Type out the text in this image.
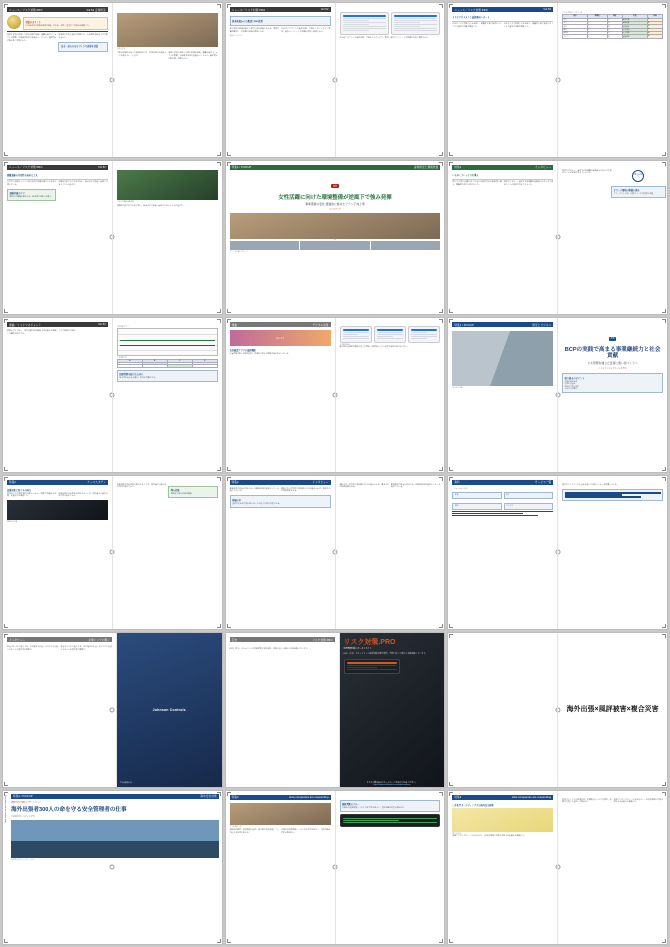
ニュース／リスク対策.PRO	Vol.52 企業防災
受賞のポイント
住民参加型の訓練を年4回実施。自治体・消防・企業の三者協定を締結した。
地域と企業が連携した防災訓練の実施、避難所運営マニュアルの整備、要配慮者支援の仕組みづくりなど、継続的な活動が高く評価された。
地域防災の取り組みが評価され、内閣府特命担当大臣表彰を受けた。
安全・安心のまちづくりで表彰を受賞
表彰式会場
今後は近隣自治体への横展開を図り、広域連携の枠組みづくりを進めていく方針だ。
地域と企業が連携した防災訓練の実施、避難所運営マニュアルの整備、要配慮者支援の仕組みづくりなど、継続的な活動が高く評価された。
ニュース／リスク対策.PRO	Vol.52
熊本地震からの教訓とSNS活用
発災直後のSNS投稿から被害状況を把握する試み。情報の真偽確認と二次拡散の抑制が課題となる。
自治体アカウントの運用体制、平時からのフォロワー獲得、発信テンプレートの整備が有効と指摘された。
投稿タイムライン
自治体アカウントの運用体制、平時からのフォロワー獲得、発信テンプレートの整備が有効と指摘された。
ニュース／リスク対策.PRO	Vol.52
リスクアセスメント最新動向レポート
各社のリスク評価手法を比較し、影響度と発生頻度のマトリクス運用の実態を調査した。
各社のリスク評価手法を比較し、影響度と発生頻度のマトリクス運用の実態を調査した。
リスク評価マトリクス一覧
項目	影響度	頻度	対策	評価
地震	大	中	BCP発動	A
水害	中	高	事前避難	A
火災	大	低	初期消火	B
停電	中	中	非常電源	B
感染症	大	中	在宅勤務	A
サイバー	大	高	多層防御	A
ニュース／リスク対策.PRO	Vol.52
避難訓練の実効性を高める工夫
抜き打ち訓練やシナリオ非公開型の訓練を導入する企業が増えている。
訓練実施のコツ
想定外の事態を織り込み、参加者の判断力を養う。
訓練後の振り返りを必ず行い、改善点を手順書へ反映させるサイクルが重要だ。
工場での避難誘導訓練
訓練後の振り返りを必ず行い、改善点を手順書へ反映させるサイクルが重要だ。
特集1 / PICKUP	産業防災と情報発信
特集
女性活躍に向けた環境整備が逆風下で強み発揮
事業環境の変化 組織的に進めたブランド向上策
ランクアップ
オフィスで働くスタッフ
特集1	インタビュー
いち早くフレックスを導入
育児や介護と仕事の両立を支える制度設計を段階的に導入。離職率の低下に結び付いた。
制度だけでなく、運用する管理職の意識改革をあわせて進めたことが定着の決め手となった。
制度だけでなく、運用する管理職の意識改革をあわせて進めたことが定着の決め手となった。
創立25周年
オフィス環境の整備も進む
フリーアドレス化、休憩スペースの拡充を実施。
連載／リスクマネジメント	Vol.52
指標をグラフ化し、経営会議で定点観測する仕組みを構築した事例を紹介する。
リスク指標の可視化
月次推移グラフ
主要指標一覧
A	B	C	D

指標管理を続けるために
担当者の属人化を避け、集計を自動化する。
連載	デジタル活用
5/29 まで
安否確認アプリの最新機能
位置情報連動、自動再送信、家族間共有など機能の幅が広がっている。
安否確認画面
導入時は登録率の維持が最大の課題。定期的なテスト配信で運用を根付かせたい。
特集2 / PICKUP	防災とビジネス
本社ビル外観
特集
BCPの実践で高まる事業継続力と社会貢献
ビル管理を通じた災害に強い街づくりへ
ジョンソンコントロールズ 社長
取り組みのポイント
設備の遠隔監視
電源の多重化
地域との協定締結
人材育成の継続
特集2	ケーススタディ
設備更新と省エネの両立
老朽化した空調設備の更新に合わせ、制御の最適化を実施。消費電力を削減した。
更新投資の回収年数を明示することで、経営層の合意形成を円滑に進められた。
機械室の設備
更新投資の回収年数を明示することで、経営層の合意形成を円滑に進められた。
導入効果
年間電力量を約18%削減。
特集2	インタビュー
顧客施設の安全を守るため、24時間体制の監視センターを運用している。
遠隔での一次対応と現地駆け付けを組み合わせ、復旧までの時間短縮を図る。
現場の声
異常の予兆を早期に捉えることが最大の防災対策になる。
遠隔での一次対応と現地駆け付けを組み合わせ、復旧までの時間短縮を図る。
顧客施設の安全を守るため、24時間体制の監視センターを運用している。
資料	サービス一覧
ソリューション体系
監視	保守
改修	コンサル
施設のライフサイクル全体を通じた支援メニューを整備している。
インタビュー	企業トップに聞く
安全はすべてに優先する。その理念を社員一人ひとりに浸透させることが経営者の責務だ。
安全はすべてに優先する。その理念を社員一人ひとりに浸透させることが経営者の責務だ。
Johnson Controls
代表取締役社長
広告	リスク対策.PRO
BCP、防災、セキュリティの最新情報を毎日配信。実務に役立つ資料も多数掲載しています。
リスク対策.PRO
危機管理情報のポータルサイト
BCP、防災、セキュリティの最新情報を毎日配信。実務に役立つ資料も多数掲載しています。
リスク対策.PROのホームページをお申し込みください。
https://www.risktaisaku.com/site/members
海外出張×風評被害×複合災害
Preparation for an outdoor duty	特集3 / PICKUP	海外安全対策
渡航可否を判断より早くジャッジ
海外出張者300人の命を守る安全管理者の仕事
三井化学ホールディングス
海外拠点のコンテナターミナル
特集3	How companies are responding
安全管理担当者
渡航前の研修、現地情報の収集、緊急時の連絡体制。三つの柱で出張者を支える。
外務省の危険情報レベルと自社基準を照合し、最終判断は対策本部が行う。
渡航判断のフロー
外務省の危険情報レベルと自社基準を照合し、最終判断は対策本部が行う。
特集3	How companies are responding
三井化学ホールディングスの海外安全体制
拠点分布図
地域ごとのリスクレベルを色分けし、出張申請時に自動で判定する仕組みを構築した。
現地スタッフとの定期連絡、医療搬送サービスの契約、保険の見直しも並行して進める。
地域ごとのリスクレベルを色分けし、出張申請時に自動で判定する仕組みを構築した。
